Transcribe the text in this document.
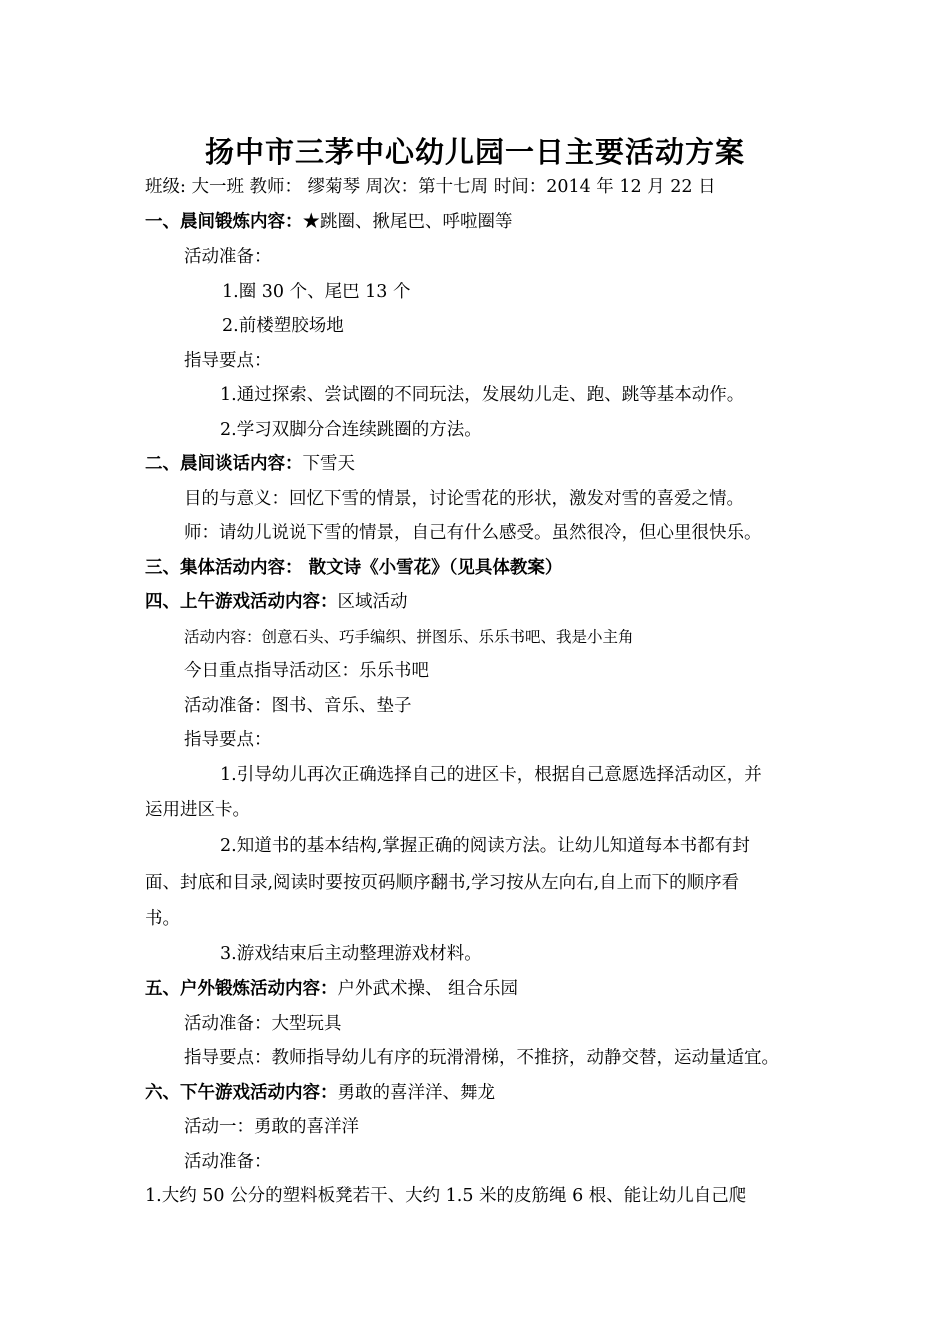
扬中市三茅中心幼儿园一日主要活动方案
班级: 大一班 教师： 缪菊琴 周次：第十七周 时间：2014 年 12 月 22 日
一、晨间锻炼内容：★跳圈、揪尾巴、呼啦圈等
活动准备：
1.圈 30 个、尾巴 13 个
2.前楼塑胶场地
指导要点：
1.通过探索、尝试圈的不同玩法，发展幼儿走、跑、跳等基本动作。
2.学习双脚分合连续跳圈的方法。
二、晨间谈话内容：下雪天
目的与意义：回忆下雪的情景，讨论雪花的形状，激发对雪的喜爱之情。
师：请幼儿说说下雪的情景，自己有什么感受。虽然很冷，但心里很快乐。
三、集体活动内容： 散文诗《小雪花》（见具体教案）
四、上午游戏活动内容：区域活动
活动内容：创意石头、巧手编织、拼图乐、乐乐书吧、我是小主角
今日重点指导活动区：乐乐书吧
活动准备：图书、音乐、垫子
指导要点：
1.引导幼儿再次正确选择自己的进区卡，根据自己意愿选择活动区，并
运用进区卡。
2.知道书的基本结构,掌握正确的阅读方法。让幼儿知道每本书都有封
面、封底和目录,阅读时要按页码顺序翻书,学习按从左向右,自上而下的顺序看
书。
3.游戏结束后主动整理游戏材料。
五、户外锻炼活动内容：户外武术操、 组合乐园
活动准备：大型玩具
指导要点：教师指导幼儿有序的玩滑滑梯，不推挤，动静交替，运动量适宜。
六、下午游戏活动内容：勇敢的喜洋洋、舞龙
活动一：勇敢的喜洋洋
活动准备：
1.大约 50 公分的塑料板凳若干、大约 1.5 米的皮筋绳 6 根、能让幼儿自己爬
